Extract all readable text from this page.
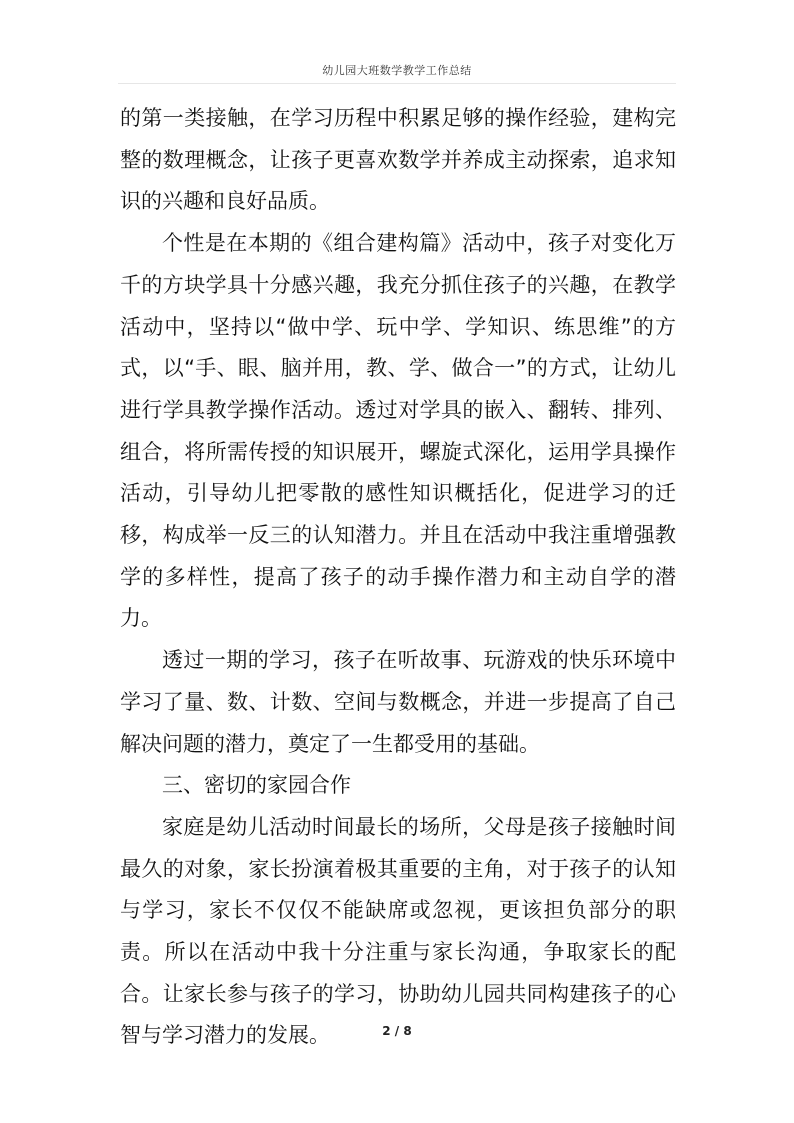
幼儿园大班数学教学工作总结

的第一类接触，在学习历程中积累足够的操作经验，建构完整的数理概念，让孩子更喜欢数学并养成主动探索，追求知识的兴趣和良好品质。

个性是在本期的《组合建构篇》活动中，孩子对变化万千的方块学具十分感兴趣，我充分抓住孩子的兴趣，在教学活动中，坚持以“做中学、玩中学、学知识、练思维”的方式，以“手、眼、脑并用，教、学、做合一”的方式，让幼儿进行学具教学操作活动。透过对学具的嵌入、翻转、排列、组合，将所需传授的知识展开，螺旋式深化，运用学具操作活动，引导幼儿把零散的感性知识概括化，促进学习的迁移，构成举一反三的认知潜力。并且在活动中我注重增强教学的多样性，提高了孩子的动手操作潜力和主动自学的潜力。

透过一期的学习，孩子在听故事、玩游戏的快乐环境中学习了量、数、计数、空间与数概念，并进一步提高了自己解决问题的潜力，奠定了一生都受用的基础。

三、密切的家园合作

家庭是幼儿活动时间最长的场所，父母是孩子接触时间最久的对象，家长扮演着极其重要的主角，对于孩子的认知与学习，家长不仅仅不能缺席或忽视，更该担负部分的职责。所以在活动中我十分注重与家长沟通，争取家长的配合。让家长参与孩子的学习，协助幼儿园共同构建孩子的心智与学习潜力的发展。	2 / 8
